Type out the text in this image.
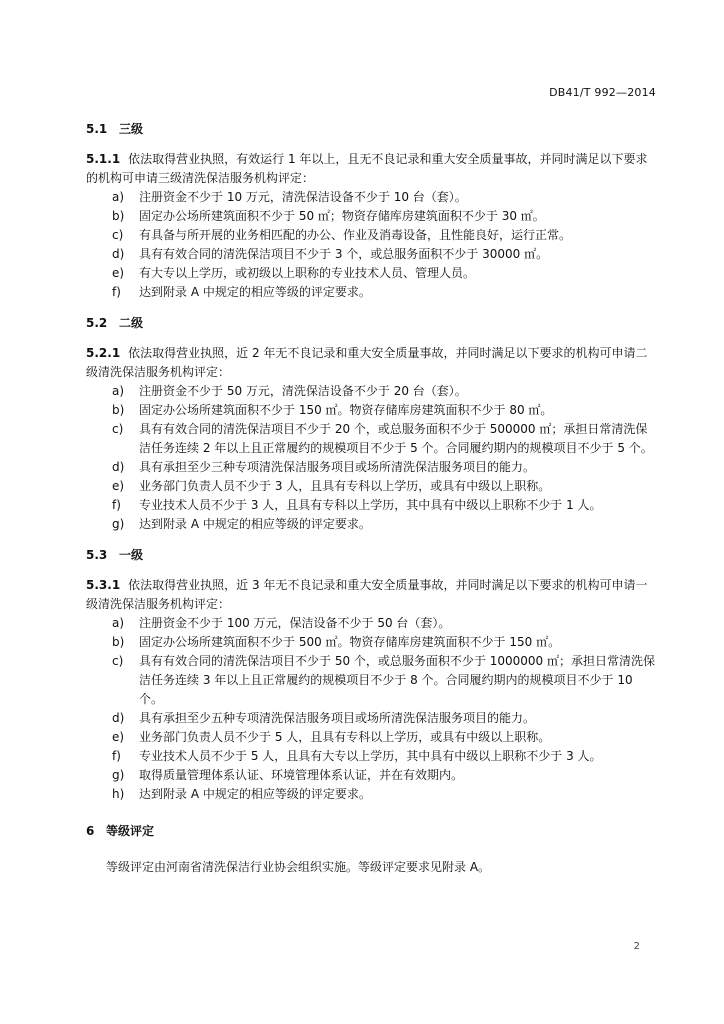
DB41/T 992—2014
5.1 三级
5.1.1 依法取得营业执照，有效运行 1 年以上，且无不良记录和重大安全质量事故，并同时满足以下要求的机构可申请三级清洗保洁服务机构评定：
a)	注册资金不少于 10 万元，清洗保洁设备不少于 10 台（套）。
b)	固定办公场所建筑面积不少于 50 ㎡；物资存储库房建筑面积不少于 30 ㎡。
c)	有具备与所开展的业务相匹配的办公、作业及消毒设备，且性能良好，运行正常。
d)	具有有效合同的清洗保洁项目不少于 3 个，或总服务面积不少于 30000 ㎡。
e)	有大专以上学历，或初级以上职称的专业技术人员、管理人员。
f)	达到附录 A 中规定的相应等级的评定要求。
5.2 二级
5.2.1 依法取得营业执照，近 2 年无不良记录和重大安全质量事故，并同时满足以下要求的机构可申请二级清洗保洁服务机构评定：
a)	注册资金不少于 50 万元，清洗保洁设备不少于 20 台（套）。
b)	固定办公场所建筑面积不少于 150 ㎡。物资存储库房建筑面积不少于 80 ㎡。
c)	具有有效合同的清洗保洁项目不少于 20 个，或总服务面积不少于 500000 ㎡；承担日常清洗保洁任务连续 2 年以上且正常履约的规模项目不少于 5 个。合同履约期内的规模项目不少于 5 个。
d)	具有承担至少三种专项清洗保洁服务项目或场所清洗保洁服务项目的能力。
e)	业务部门负责人员不少于 3 人，且具有专科以上学历，或具有中级以上职称。
f)	专业技术人员不少于 3 人，且具有专科以上学历，其中具有中级以上职称不少于 1 人。
g)	达到附录 A 中规定的相应等级的评定要求。
5.3 一级
5.3.1 依法取得营业执照，近 3 年无不良记录和重大安全质量事故，并同时满足以下要求的机构可申请一级清洗保洁服务机构评定：
a)	注册资金不少于 100 万元，保洁设备不少于 50 台（套）。
b)	固定办公场所建筑面积不少于 500 ㎡。物资存储库房建筑面积不少于 150 ㎡。
c)	具有有效合同的清洗保洁项目不少于 50 个，或总服务面积不少于 1000000 ㎡；承担日常清洗保洁任务连续 3 年以上且正常履约的规模项目不少于 8 个。合同履约期内的规模项目不少于 10 个。
d)	具有承担至少五种专项清洗保洁服务项目或场所清洗保洁服务项目的能力。
e)	业务部门负责人员不少于 5 人，且具有专科以上学历，或具有中级以上职称。
f)	专业技术人员不少于 5 人，且具有大专以上学历，其中具有中级以上职称不少于 3 人。
g)	取得质量管理体系认证、环境管理体系认证，并在有效期内。
h)	达到附录 A 中规定的相应等级的评定要求。
6 等级评定
等级评定由河南省清洗保洁行业协会组织实施。等级评定要求见附录 A。
2
